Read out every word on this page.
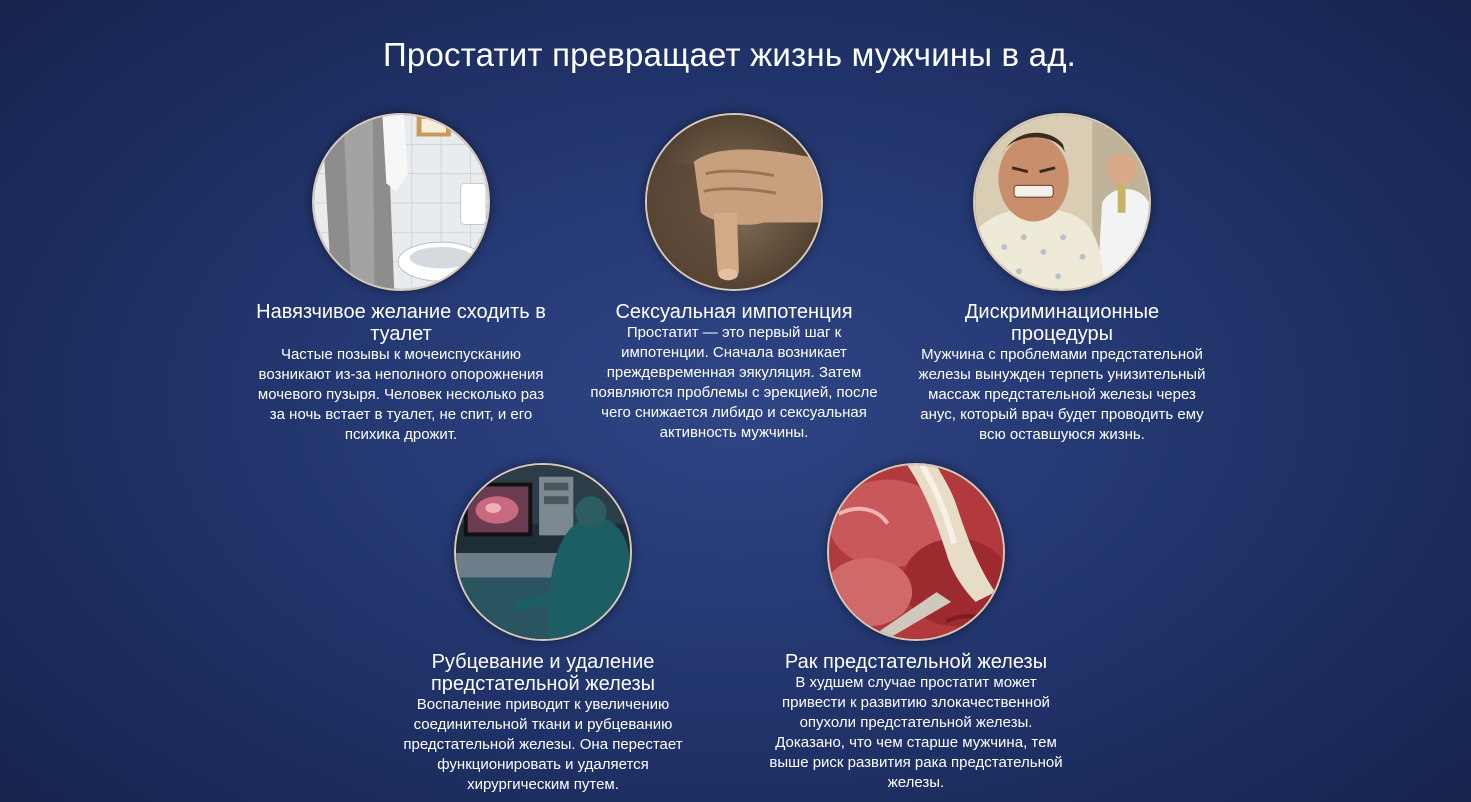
Простатит превращает жизнь мужчины в ад.
Навязчивое желание сходить в туалет
Частые позывы к мочеиспусканию возникают из-за неполного опорожнения мочевого пузыря. Человек несколько раз за ночь встает в туалет, не спит, и его психика дрожит.
Сексуальная импотенция
Простатит — это первый шаг к импотенции. Сначала возникает преждевременная эякуляция. Затем появляются проблемы с эрекцией, после чего снижается либидо и сексуальная активность мужчины.
Дискриминационные процедуры
Мужчина с проблемами предстательной железы вынужден терпеть унизительный массаж предстательной железы через анус, который врач будет проводить ему всю оставшуюся жизнь.
Рубцевание и удаление предстательной железы
Воспаление приводит к увеличению соединительной ткани и рубцеванию предстательной железы. Она перестает функционировать и удаляется хирургическим путем.
Рак предстательной железы
В худшем случае простатит может привести к развитию злокачественной опухоли предстательной железы. Доказано, что чем старше мужчина, тем выше риск развития рака предстательной железы.
